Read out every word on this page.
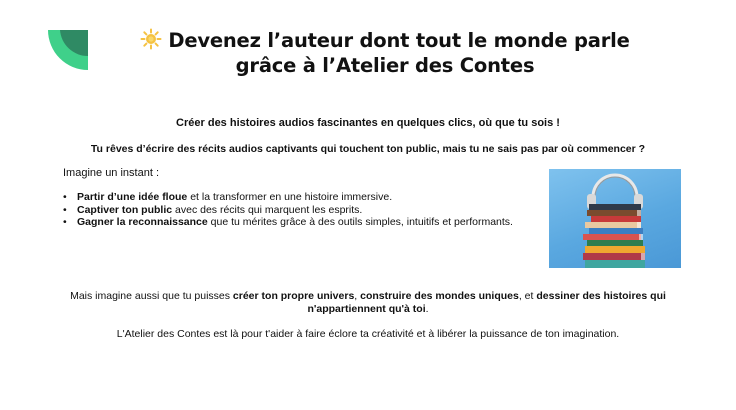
Devenez l’auteur dont tout le monde parle
grâce à l’Atelier des Contes

Créer des histoires audios fascinantes en quelques clics, où que tu sois !

Tu rêves d’écrire des récits audios captivants qui touchent ton public, mais tu ne sais pas par où commencer ?

Imagine un instant :

• Partir d’une idée floue et la transformer en une histoire immersive.
• Captiver ton public avec des récits qui marquent les esprits.
• Gagner la reconnaissance que tu mérites grâce à des outils simples, intuitifs et performants.

Mais imagine aussi que tu puisses créer ton propre univers, construire des mondes uniques, et dessiner des histoires qui n'appartiennent qu'à toi.

L'Atelier des Contes est là pour t'aider à faire éclore ta créativité et à libérer la puissance de ton imagination.
